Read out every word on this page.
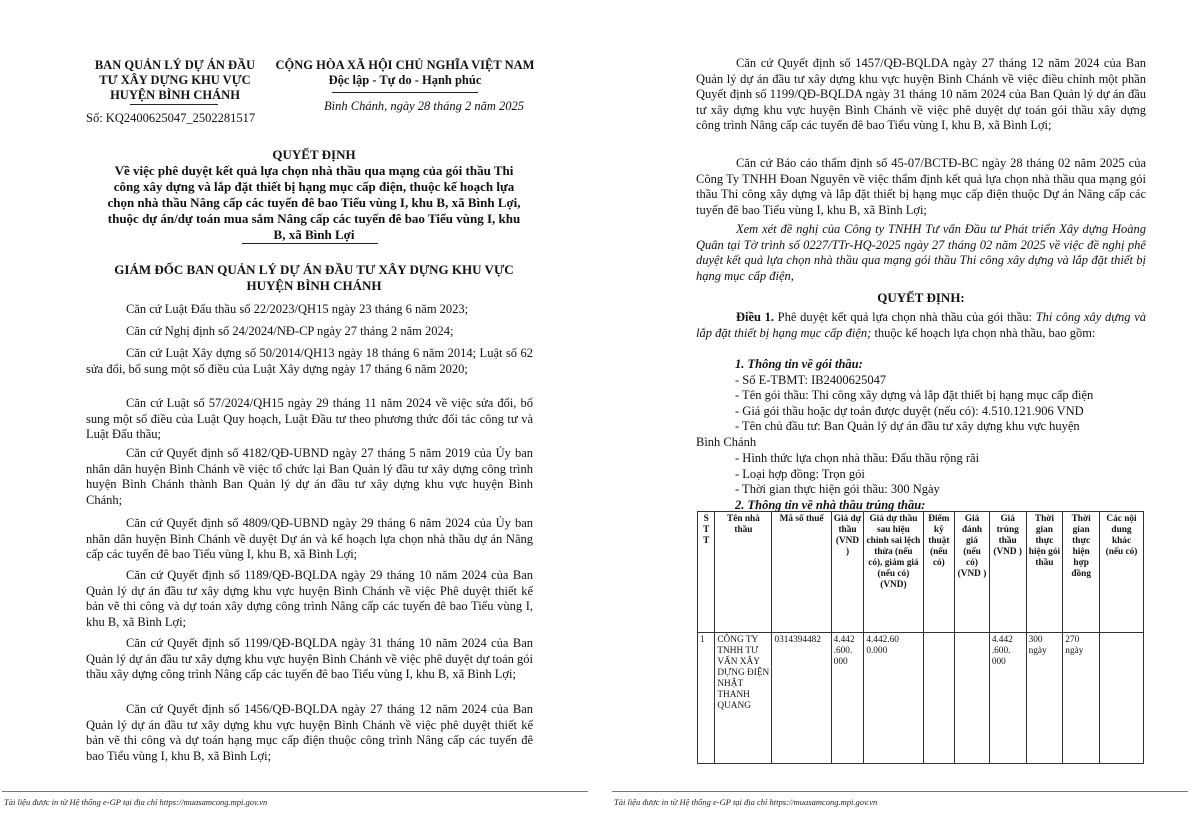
BAN QUẢN LÝ DỰ ÁN ĐẦU
TƯ XÂY DỰNG KHU VỰC
HUYỆN BÌNH CHÁNH
Số: KQ2400625047_2502281517
CỘNG HÒA XÃ HỘI CHỦ NGHĨA VIỆT NAM
Độc lập - Tự do - Hạnh phúc
Bình Chánh, ngày 28 tháng 2 năm 2025
QUYẾT ĐỊNH
Về việc phê duyệt kết quả lựa chọn nhà thầu qua mạng của gói thầu Thi
công xây dựng và lắp đặt thiết bị hạng mục cấp điện, thuộc kế hoạch lựa
chọn nhà thầu Nâng cấp các tuyến đê bao Tiểu vùng I, khu B, xã Bình Lợi,
thuộc dự án/dự toán mua sắm Nâng cấp các tuyến đê bao Tiểu vùng I, khu
B, xã Bình Lợi
GIÁM ĐỐC BAN QUẢN LÝ DỰ ÁN ĐẦU TƯ XÂY DỰNG KHU VỰC
HUYỆN BÌNH CHÁNH
Căn cứ Luật Đấu thầu số 22/2023/QH15 ngày 23 tháng 6 năm 2023;
Căn cứ Nghị định số 24/2024/NĐ-CP ngày 27 tháng 2 năm 2024;
Căn cứ Luật Xây dựng số 50/2014/QH13 ngày 18 tháng 6 năm 2014; Luật số 62 sửa đổi, bổ sung một số điều của Luật Xây dựng ngày 17 tháng 6 năm 2020;
Căn cứ Luật số 57/2024/QH15 ngày 29 tháng 11 năm 2024 về việc sửa đổi, bổ sung một số điều của Luật Quy hoạch, Luật Đầu tư theo phương thức đối tác công tư và Luật Đấu thầu;
Căn cứ Quyết định số 4182/QĐ-UBND ngày 27 tháng 5 năm 2019 của Ủy ban nhân dân huyện Bình Chánh về việc tổ chức lại Ban Quản lý đầu tư xây dựng công trình huyện Bình Chánh thành Ban Quản lý dự án đầu tư xây dựng khu vực huyện Bình Chánh;
Căn cứ Quyết định số 4809/QĐ-UBND ngày 29 tháng 6 năm 2024 của Ủy ban nhân dân huyện Bình Chánh về duyệt Dự án và kế hoạch lựa chọn nhà thầu dự án Nâng cấp các tuyến đê bao Tiểu vùng I, khu B, xã Bình Lợi;
Căn cứ Quyết định số 1189/QĐ-BQLDA ngày 29 tháng 10 năm 2024 của Ban Quản lý dự án đầu tư xây dựng khu vực huyện Bình Chánh về việc Phê duyệt thiết kế bản vẽ thi công và dự toán xây dựng công trình Nâng cấp các tuyến đê bao Tiểu vùng I, khu B, xã Bình Lợi;
Căn cứ Quyết định số 1199/QĐ-BQLDA ngày 31 tháng 10 năm 2024 của Ban Quản lý dự án đầu tư xây dựng khu vực huyện Bình Chánh về việc phê duyệt dự toán gói thầu xây dựng công trình Nâng cấp các tuyến đê bao Tiểu vùng I, khu B, xã Bình Lợi;
Căn cứ Quyết định số 1456/QĐ-BQLDA ngày 27 tháng 12 năm 2024 của Ban Quản lý dự án đầu tư xây dựng khu vực huyện Bình Chánh về việc phê duyệt thiết kế bản vẽ thi công và dự toán hạng mục cấp điện thuộc công trình Nâng cấp các tuyến đê bao Tiểu vùng I, khu B, xã Bình Lợi;
Tài liệu được in từ Hệ thống e-GP tại địa chỉ https://muasamcong.mpi.gov.vn
Căn cứ Quyết định số 1457/QĐ-BQLDA ngày 27 tháng 12 năm 2024 của Ban Quản lý dự án đầu tư xây dựng khu vực huyện Bình Chánh về việc điều chỉnh một phần Quyết định số 1199/QĐ-BQLDA ngày 31 tháng 10 năm 2024 của Ban Quản lý dự án đầu tư xây dựng khu vực huyện Bình Chánh về việc phê duyệt dự toán gói thầu xây dựng công trình Nâng cấp các tuyến đê bao Tiểu vùng I, khu B, xã Bình Lợi;
Căn cứ Báo cáo thẩm định số 45-07/BCTĐ-BC ngày 28 tháng 02 năm 2025 của Công Ty TNHH Đoan Nguyên về việc thẩm định kết quả lựa chọn nhà thầu qua mạng gói thầu Thi công xây dựng và lắp đặt thiết bị hạng mục cấp điện thuộc Dự án Nâng cấp các tuyến đê bao Tiểu vùng I, khu B, xã Bình Lợi;
Xem xét đề nghị của Công ty TNHH Tư vấn Đầu tư Phát triển Xây dựng Hoàng Quân tại Tờ trình số 0227/TTr-HQ-2025 ngày 27 tháng 02 năm 2025 về việc đề nghị phê duyệt kết quả lựa chọn nhà thầu qua mạng gói thầu Thi công xây dựng và lắp đặt thiết bị hạng mục cấp điện,
QUYẾT ĐỊNH:
Điều 1. Phê duyệt kết quả lựa chọn nhà thầu của gói thầu: Thi công xây dựng và lắp đặt thiết bị hạng mục cấp điện; thuộc kế hoạch lựa chọn nhà thầu, bao gồm:
1. Thông tin về gói thầu:
- Số E-TBMT: IB2400625047
- Tên gói thầu: Thi công xây dựng và lắp đặt thiết bị hạng mục cấp điện
- Giá gói thầu hoặc dự toán được duyệt (nếu có): 4.510.121.906 VND
- Tên chủ đầu tư: Ban Quản lý dự án đầu tư xây dựng khu vực huyện
Bình Chánh
- Hình thức lựa chọn nhà thầu: Đấu thầu rộng rãi
- Loại hợp đồng: Trọn gói
- Thời gian thực hiện gói thầu: 300 Ngày
2. Thông tin về nhà thầu trúng thầu:
S T T	Tên nhà thầu	Mã số thuế	Giá dự thầu (VND )	Giá dự thầu sau hiệu chỉnh sai lệch thừa (nếu có), giảm giá (nếu có) (VND)	Điểm kỹ thuật (nếu có)	Giá đánh giá (nếu có) (VND )	Giá trúng thầu (VND )	Thời gian thực hiện gói thầu	Thời gian thực hiện hợp đồng	Các nội dung khác (nếu có)
1	CÔNG TY TNHH TƯ VẤN XÂY DỰNG ĐIỆN NHẬT THANH QUANG	0314394482	4.442 .600. 000	4.442.60 0.000			4.442 .600. 000	300 ngày	270 ngày	
Tài liệu được in từ Hệ thống e-GP tại địa chỉ https://muasamcong.mpi.gov.vn
